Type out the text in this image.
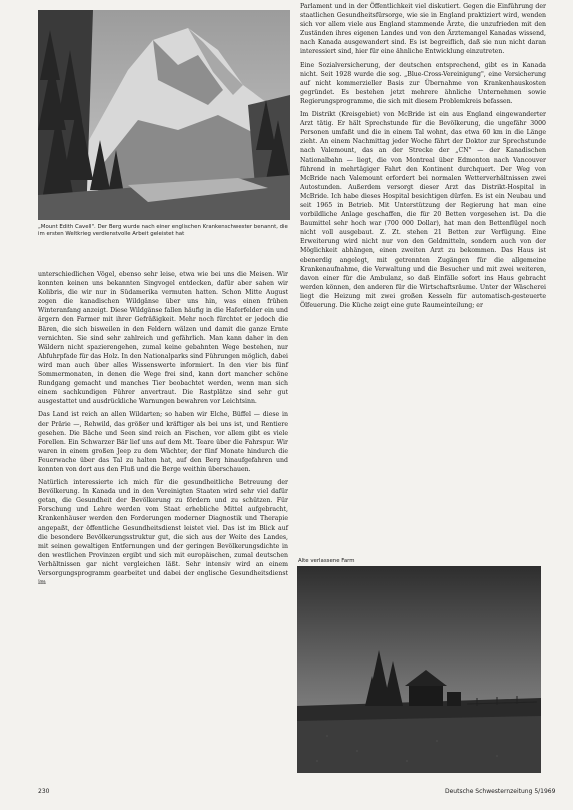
„Mount Edith Cavell". Der Berg wurde nach einer englischen Krankenschwester benannt, die im ersten Weltkrieg verdienstvolle Arbeit geleistet hat

unterschiedlichen Vögel, ebenso sehr leise, etwa wie bei uns die Meisen. Wir konnten keinen uns bekannten Singvogel entdecken, dafür aber sahen wir Kolibris, die wir nur in Südamerika vermuten hatten. Schon Mitte August zogen die kanadischen Wildgänse über uns hin, was einen frühen Winteranfang anzeigt. Diese Wildgänse fallen häufig in die Haferfelder ein und ärgern den Farmer mit ihrer Gefräßigkeit. Mehr noch fürchtet er jedoch die Bären, die sich bisweilen in den Feldern wälzen und damit die ganze Ernte vernichten. Sie sind sehr zahlreich und gefährlich. Man kann daher in den Wäldern nicht spazierengehen, zumal keine gebahnten Wege bestehen, nur Abfuhrpfade für das Holz. In den Nationalparks sind Führungen möglich, dabei wird man auch über alles Wissenswerte informiert. In den vier bis fünf Sommermonaten, in denen die Wege frei sind, kann dort mancher schöne Rundgang gemacht und manches Tier beobachtet werden, wenn man sich einem sachkundigen Führer anvertraut. Die Rastplätze sind sehr gut ausgestattet und ausdrückliche Warnungen bewahren vor Leichtsinn.

Das Land ist reich an allen Wildarten; so haben wir Elche, Büffel — diese in der Prärie —, Rehwild, das größer und kräftiger als bei uns ist, und Rentiere gesehen. Die Bäche und Seen sind reich an Fischen, vor allem gibt es viele Forellen. Ein Schwarzer Bär lief uns auf dem Mt. Teare über die Fahrspur. Wir waren in einem großen Jeep zu dem Wächter, der fünf Monate hindurch die Feuerwache über das Tal zu halten hat, auf den Berg hinaufgefahren und konnten von dort aus den Fluß und die Berge weithin überschauen.

Natürlich interessierte ich mich für die gesundheitliche Betreuung der Bevölkerung. In Kanada und in den Vereinigten Staaten wird sehr viel dafür getan, die Gesundheit der Bevölkerung zu fördern und zu schützen. Für Forschung und Lehre werden vom Staat erhebliche Mittel aufgebracht, Krankenhäuser werden den Forderungen moderner Diagnostik und Therapie angepaßt, der öffentliche Gesundheitsdienst leistet viel. Das ist im Blick auf die besondere Bevölkerungsstruktur gut, die sich aus der Weite des Landes, mit seinen gewaltigen Entfernungen und der geringen Bevölkerungsdichte in den westlichen Provinzen ergibt und sich mit europäischen, zumal deutschen Verhältnissen gar nicht vergleichen läßt. Sehr intensiv wird an einem Versorgungsprogramm gearbeitet und dabei der englische Gesundheitsdienst im

Parlament und in der Öffentlichkeit viel diskutiert. Gegen die Einführung der staatlichen Gesundheitsfürsorge, wie sie in England praktiziert wird, wenden sich vor allem viele aus England stammende Ärzte, die unzufrieden mit den Zuständen ihres eigenen Landes und von den Ärztemangel Kanadas wissend, nach Kanada ausgewandert sind. Es ist begreiflich, daß sie nun nicht daran interessiert sind, hier für eine ähnliche Entwicklung einzutreten.

Eine Sozialversicherung, der deutschen entsprechend, gibt es in Kanada nicht. Seit 1928 wurde die sog. „Blue-Cross-Vereinigung", eine Versicherung auf nicht kommerzieller Basis zur Übernahme von Krankenhauskosten gegründet. Es bestehen jetzt mehrere ähnliche Unternehmen sowie Regierungsprogramme, die sich mit diesem Problemkreis befassen.

Im Distrikt (Kreisgebiet) von McBride ist ein aus England eingewanderter Arzt tätig. Er hält Sprechstunde für die Bevölkerung, die ungefähr 3000 Personen umfaßt und die in einem Tal wohnt, das etwa 60 km in die Länge zieht. An einem Nachmittag jeder Woche fährt der Doktor zur Sprechstunde nach Valemount, das an der Strecke der „CN" — der Kanadischen Nationalbahn — liegt, die von Montreal über Edmonton nach Vancouver führend in mehrtägiger Fahrt den Kontinent durchquert. Der Weg von McBride nach Valemount erfordert bei normalen Wetterverhältnissen zwei Autostunden. Außerdem versorgt dieser Arzt das Distrikt-Hospital in McBride. Ich habe dieses Hospital besichtigen dürfen. Es ist ein Neubau und seit 1965 in Betrieb. Mit Unterstützung der Regierung hat man eine vorbildliche Anlage geschaffen, die für 20 Betten vorgesehen ist. Da die Baumittel sehr hoch war (700 000 Dollar), hat man den Bettenflügel noch nicht voll ausgebaut. Z. Zt. stehen 21 Betten zur Verfügung. Eine Erweiterung wird nicht nur von den Geldmitteln, sondern auch von der Möglichkeit abhängen, einen zweiten Arzt zu bekommen. Das Haus ist ebenerdig angelegt, mit getrennten Zugängen für die allgemeine Krankenaufnahme, die Verwaltung und die Besucher und mit zwei weiteren, davon einer für die Ambulanz, so daß Einfälle sofort ins Haus gebracht werden können, den anderen für die Wirtschaftsräume. Unter der Wäscherei liegt die Heizung mit zwei großen Kesseln für automatisch-gesteuerte Ölfeuerung. Die Küche zeigt eine gute Raumeinteilung; er

Alte verlassene Farm
230	Deutsche Schwesternzeitung 5/1969
